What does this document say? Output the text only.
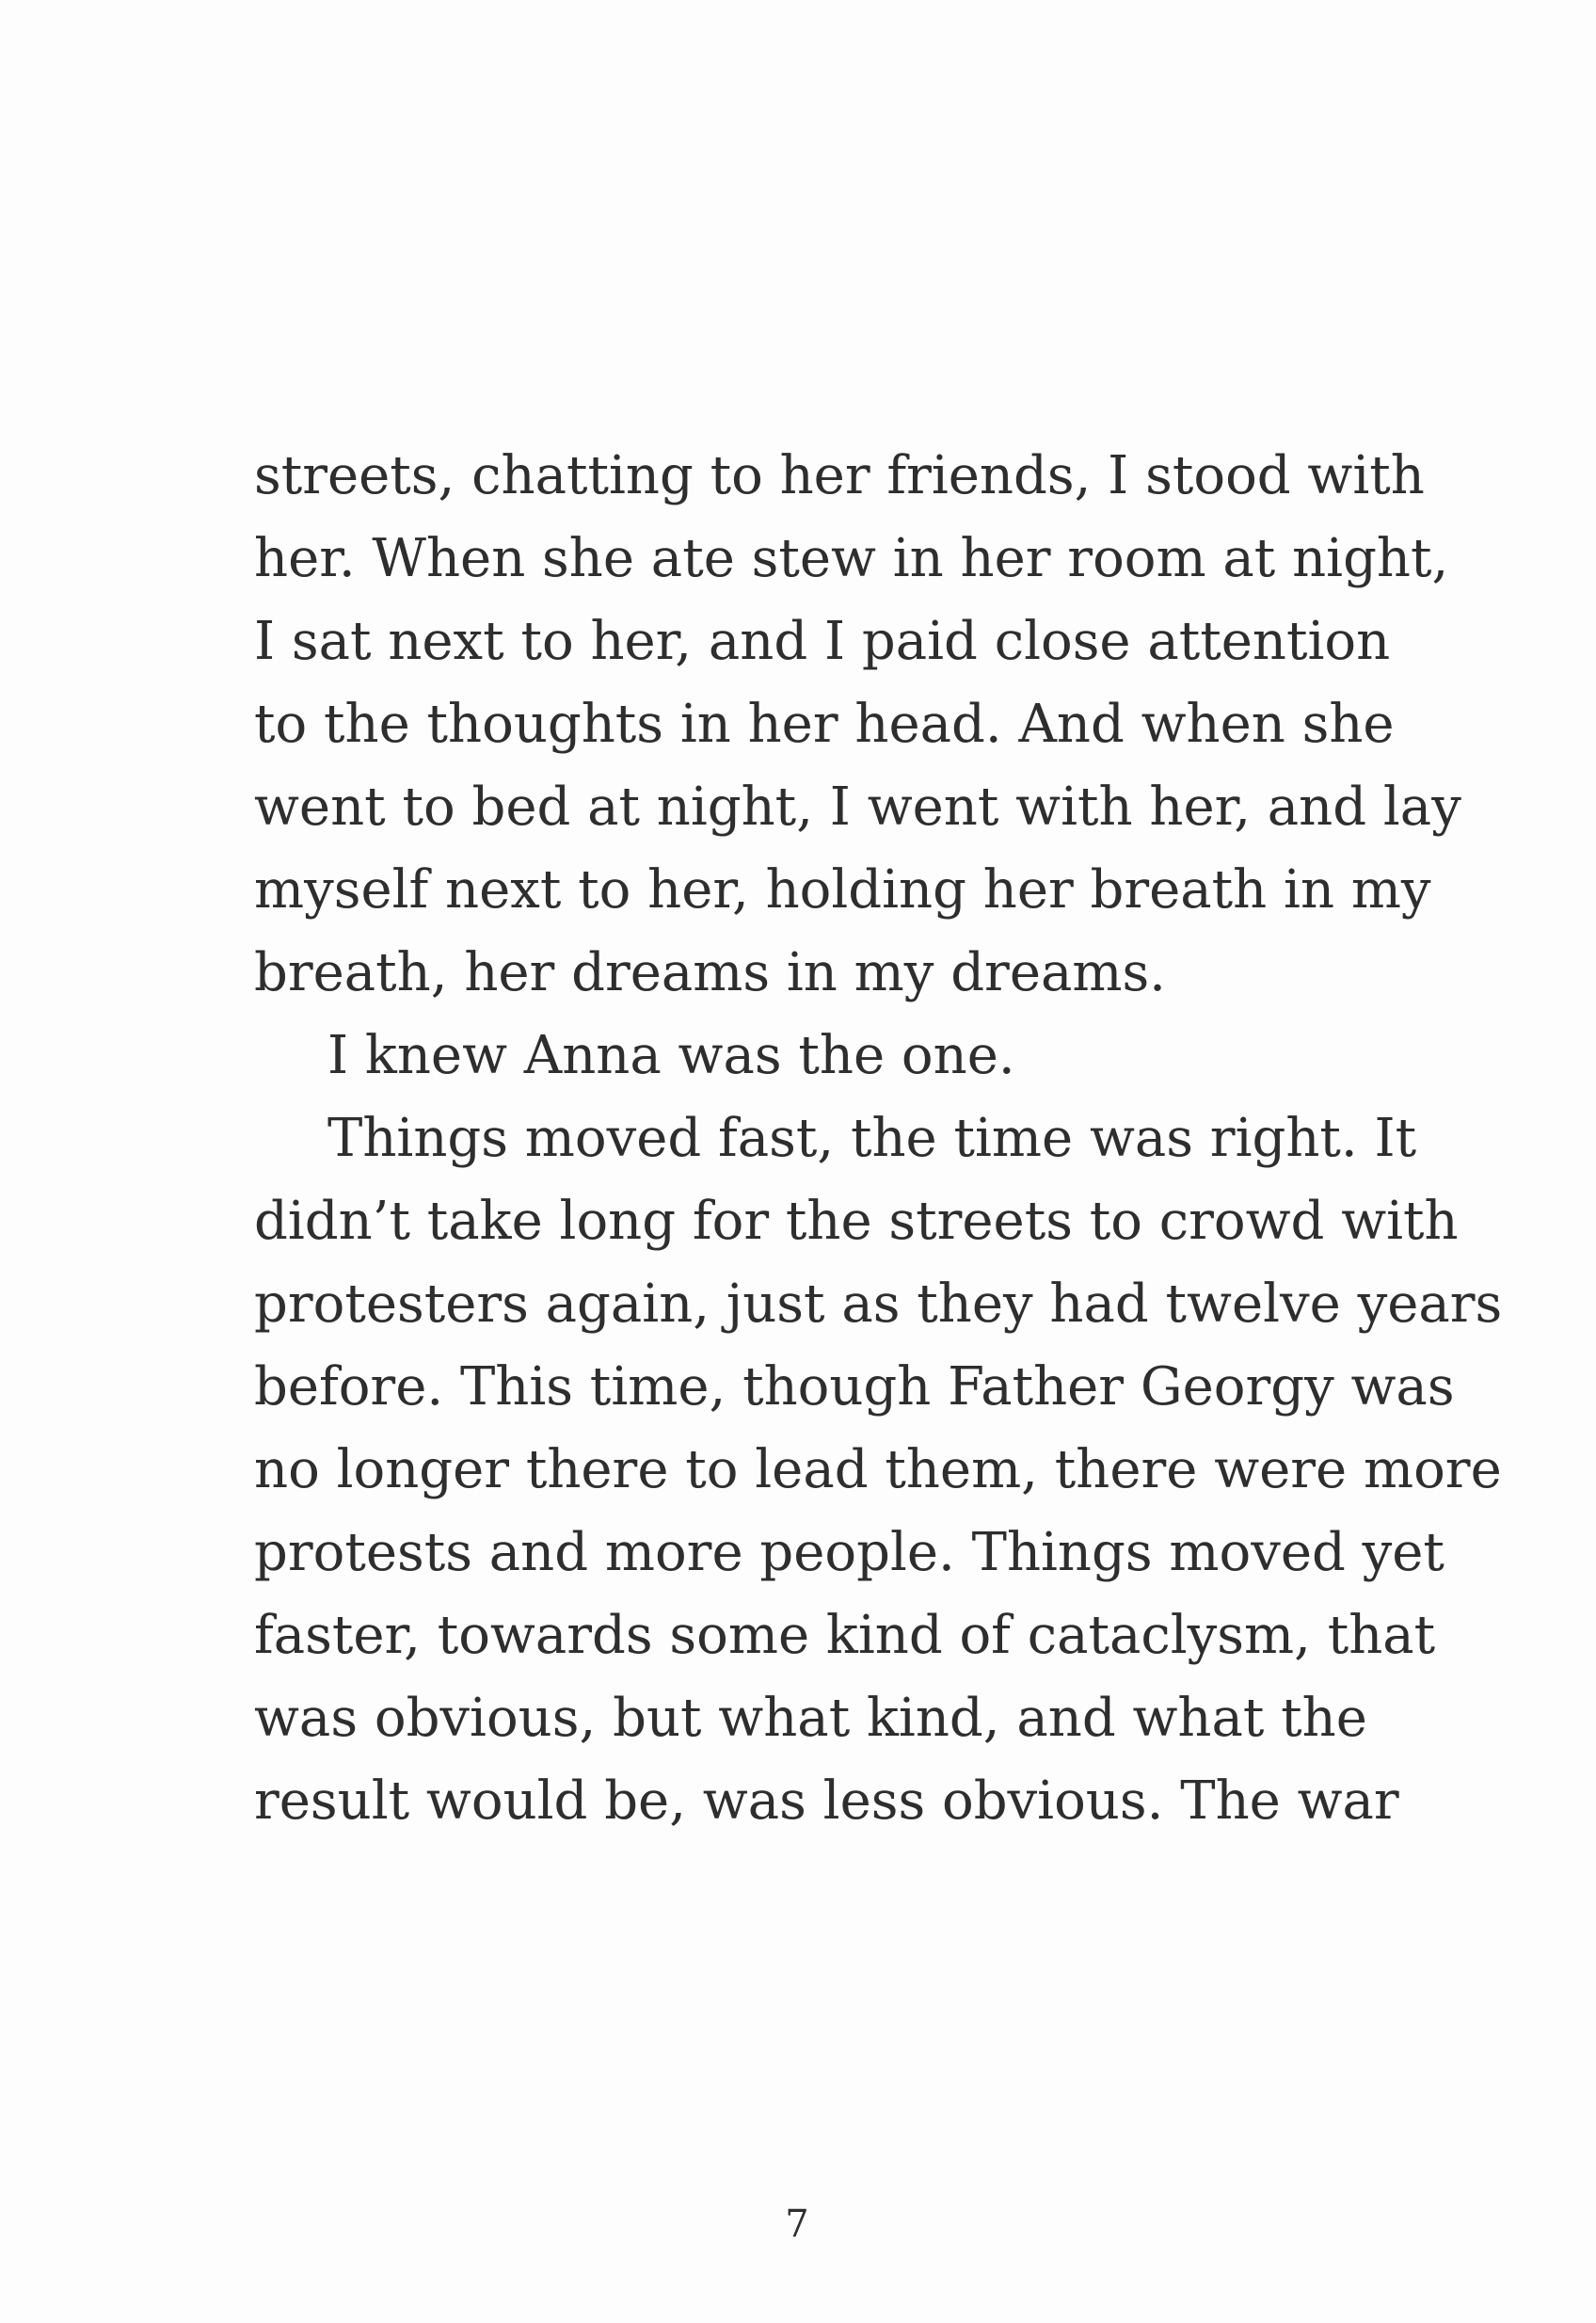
streets, chatting to her friends, I stood with
her. When she ate stew in her room at night,
I sat next to her, and I paid close attention
to the thoughts in her head. And when she
went to bed at night, I went with her, and lay
myself next to her, holding her breath in my
breath, her dreams in my dreams.
I knew Anna was the one.
Things moved fast, the time was right. It
didn’t take long for the streets to crowd with
protesters again, just as they had twelve years
before. This time, though Father Georgy was
no longer there to lead them, there were more
protests and more people. Things moved yet
faster, towards some kind of cataclysm, that
was obvious, but what kind, and what the
result would be, was less obvious. The war
7
